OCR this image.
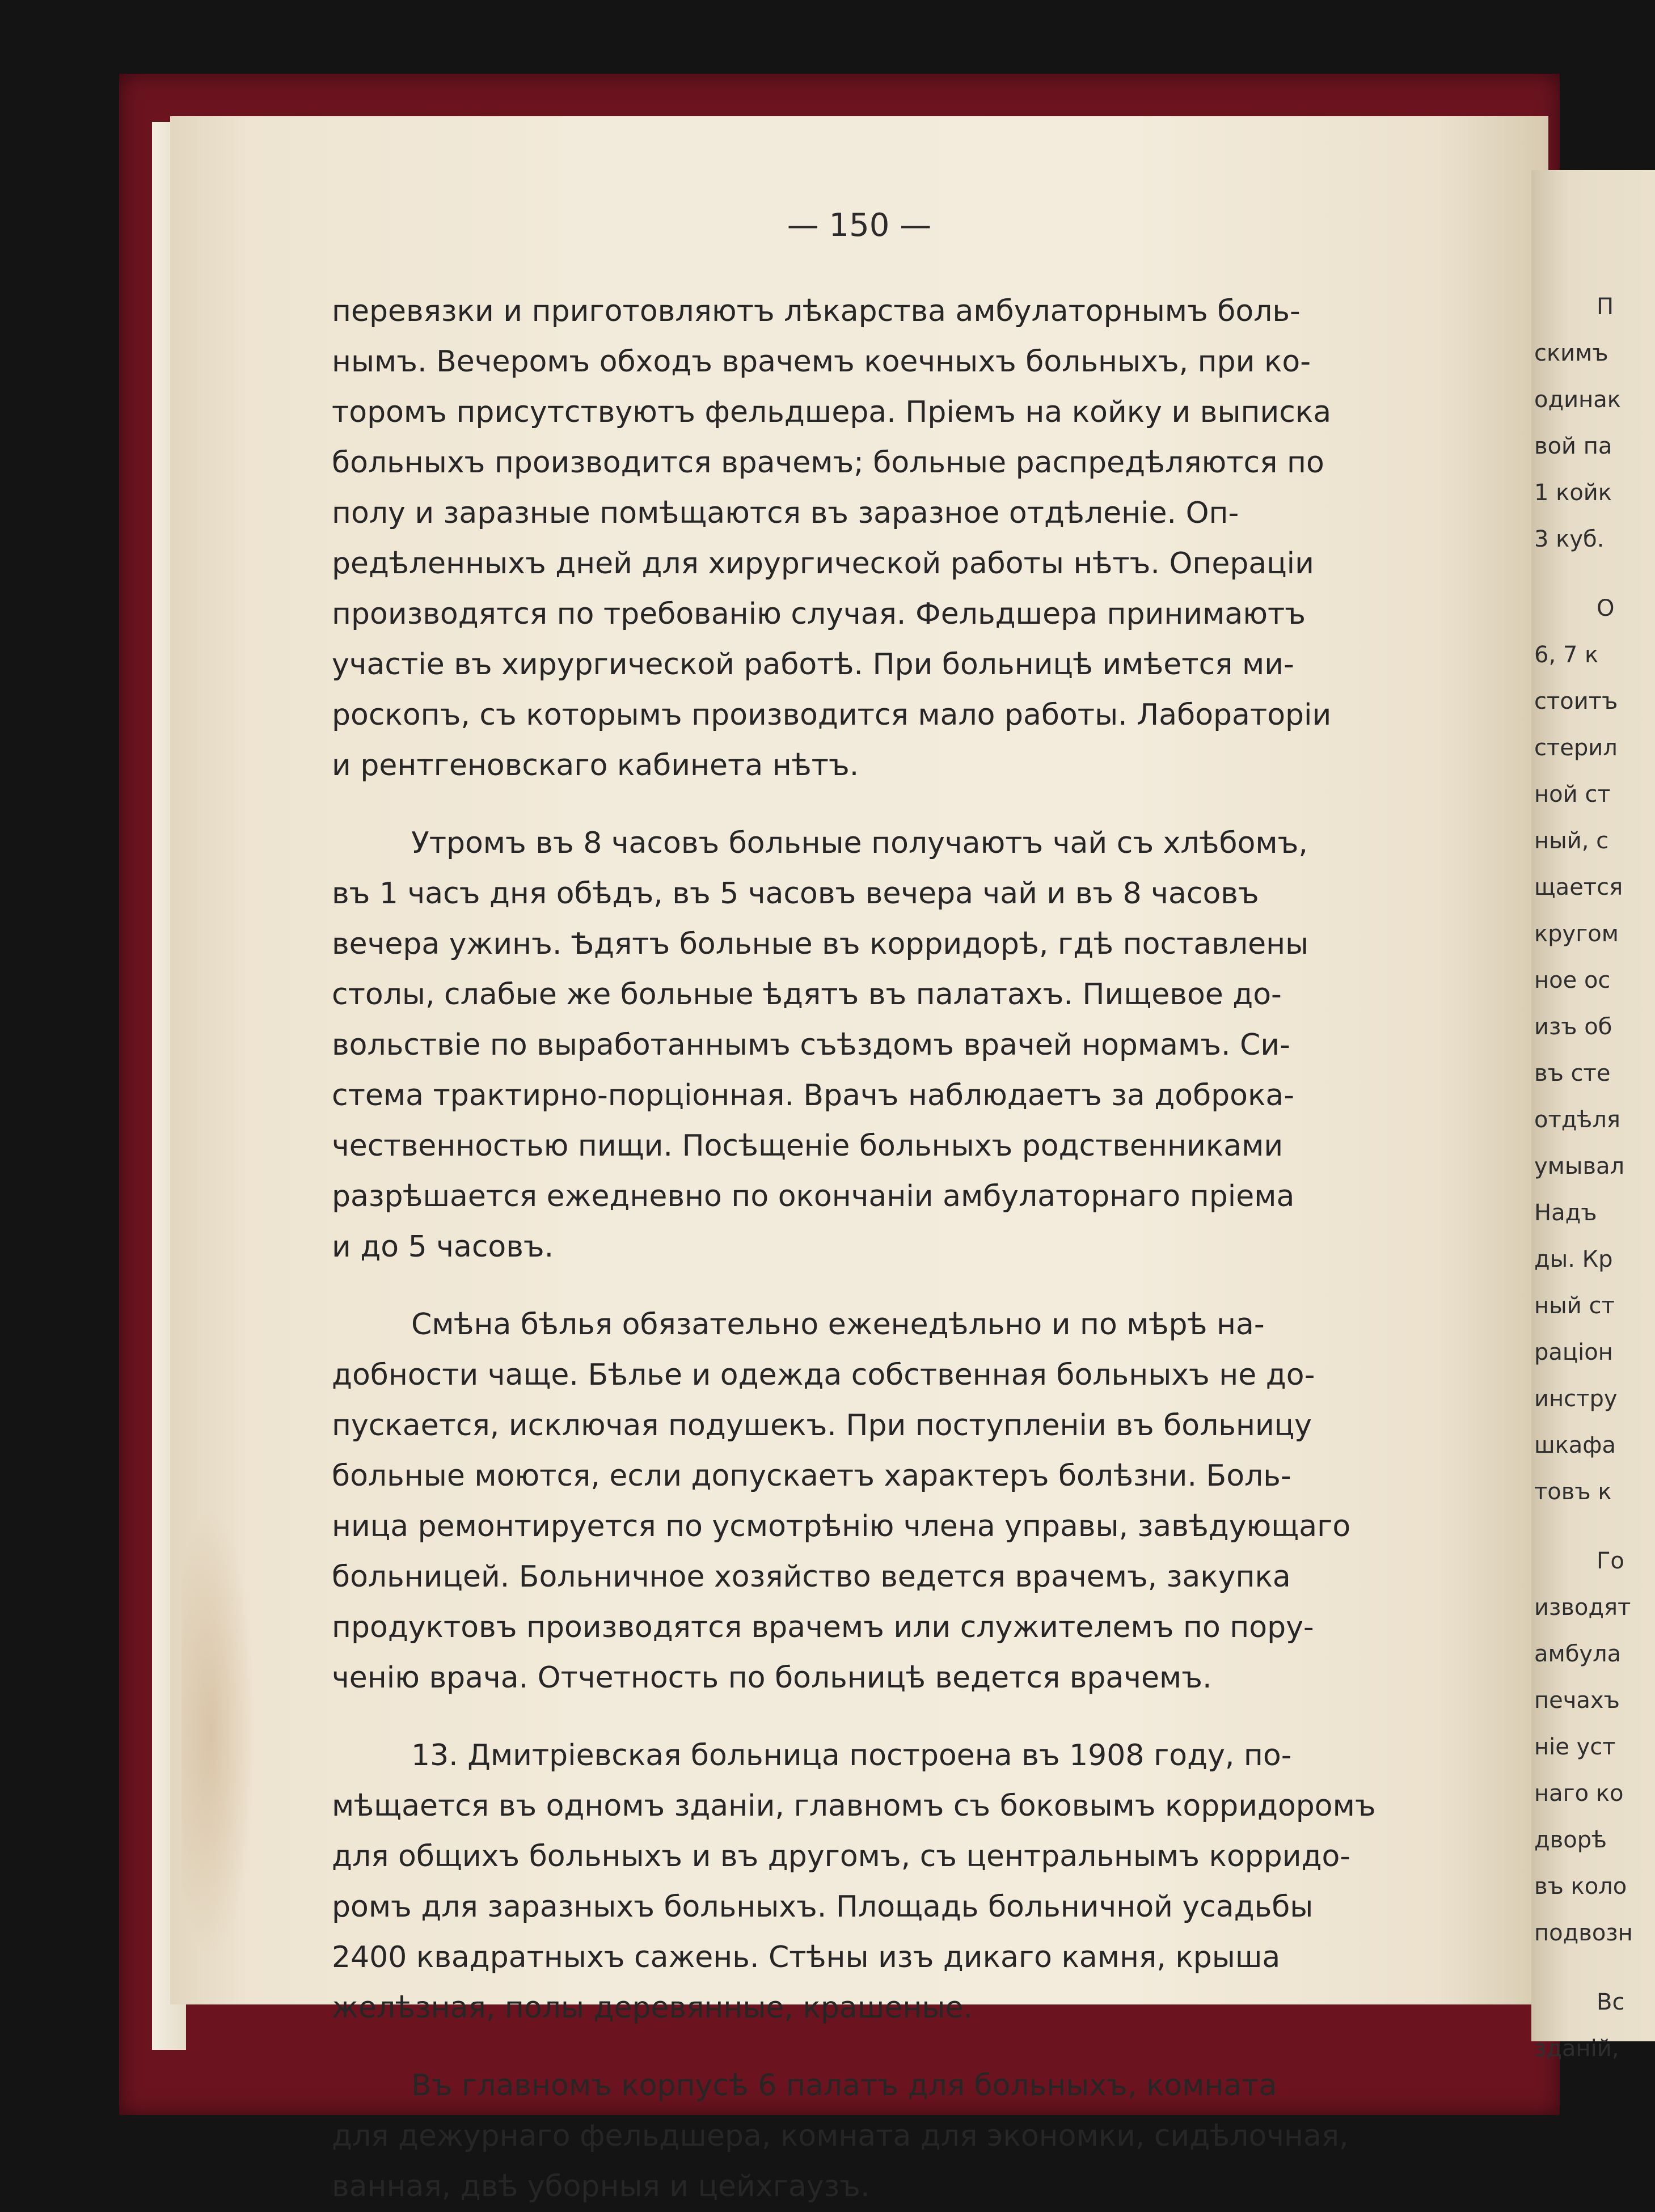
— 150 —
перевязки и приготовляютъ лѣкарства амбулаторнымъ боль-
нымъ. Вечеромъ обходъ врачемъ коечныхъ больныхъ, при ко-
торомъ присутствуютъ фельдшера. Пріемъ на койку и выписка
больныхъ производится врачемъ; больные распредѣляются по
полу и заразные помѣщаются въ заразное отдѣленіе. Оп-
редѣленныхъ дней для хирургической работы нѣтъ. Операціи
производятся по требованію случая. Фельдшера принимаютъ
участіе въ хирургической работѣ. При больницѣ имѣется ми-
роскопъ, съ которымъ производится мало работы. Лабораторіи
и рентгеновскаго кабинета нѣтъ.
Утромъ въ 8 часовъ больные получаютъ чай съ хлѣбомъ,
въ 1 часъ дня обѣдъ, въ 5 часовъ вечера чай и въ 8 часовъ
вечера ужинъ. Ѣдятъ больные въ корридорѣ, гдѣ поставлены
столы, слабые же больные ѣдятъ въ палатахъ. Пищевое до-
вольствіе по выработаннымъ съѣздомъ врачей нормамъ. Си-
стема трактирно-порціонная. Врачъ наблюдаетъ за доброка-
чественностью пищи. Посѣщеніе больныхъ родственниками
разрѣшается ежедневно по окончаніи амбулаторнаго пріема
и до 5 часовъ.
Смѣна бѣлья обязательно еженедѣльно и по мѣрѣ на-
добности чаще. Бѣлье и одежда собственная больныхъ не до-
пускается, исключая подушекъ. При поступленіи въ больницу
больные моются, если допускаетъ характеръ болѣзни. Боль-
ница ремонтируется по усмотрѣнію члена управы, завѣдующаго
больницей. Больничное хозяйство ведется врачемъ, закупка
продуктовъ производятся врачемъ или служителемъ по пору-
ченію врача. Отчетность по больницѣ ведется врачемъ.
13. Дмитріевская больница построена въ 1908 году, по-
мѣщается въ одномъ зданіи, главномъ съ боковымъ корридоромъ
для общихъ больныхъ и въ другомъ, съ центральнымъ корридо-
ромъ для заразныхъ больныхъ. Площадь больничной усадьбы
2400 квадратныхъ сажень. Стѣны изъ дикаго камня, крыша
желѣзная, полы деревянные, крашеные.
Въ главномъ корпусѣ 6 палатъ для больныхъ, комната
для дежурнаго фельдшера, комната для экономки, сидѣлочная,
ванная, двѣ уборныя и цейхгаузъ.
П
скимъ
одинак
вой па
1 койк
3 куб.
О
6, 7 к
стоитъ
стерил
ной ст
ный, с
щается
кругом
ное ос
изъ об
въ сте
отдѣля
умывал
Надъ
ды. Кр
ный ст
раціон
инстру
шкафа
товъ к
Го
изводят
амбула
печахъ
ніе уст
наго ко
дворѣ
въ коло
подвозн
Вс
зданій,
